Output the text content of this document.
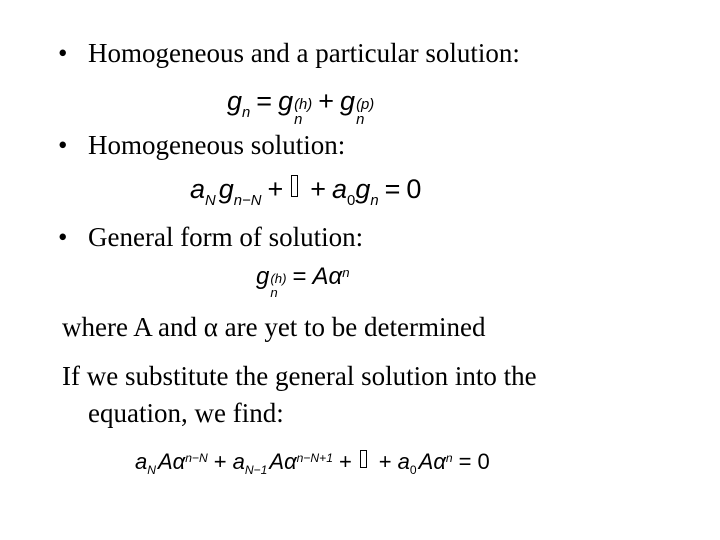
• Homogeneous and a particular solution:
g n = g (h)
n
+ g (p)
n
• Homogeneous solution:
a N g n−N + + a 0 g n = 0
• General form of solution:
g (h)
n
= A α n
where A and α are yet to be determined
If we substitute the general solution into the
equation, we find:
a N A α n−N + a N−1 A α n−N+1 + + a 0 A α n = 0
